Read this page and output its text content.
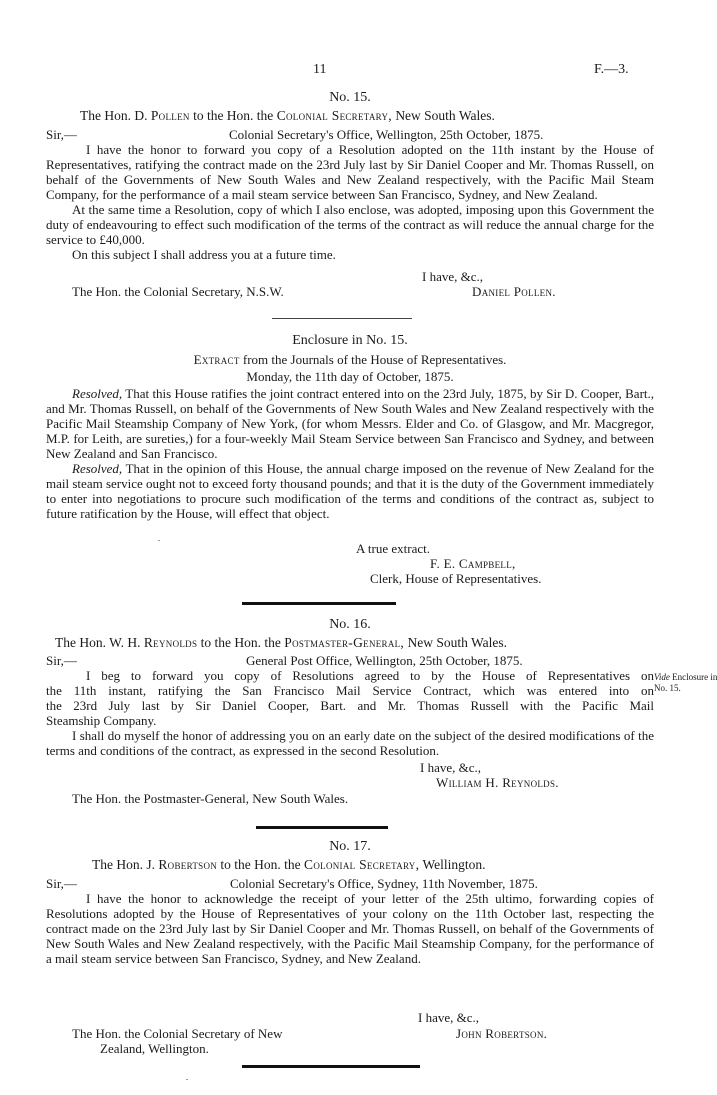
11	F.—3.
No. 15.
The Hon. D. Pollen to the Hon. the Colonial Secretary, New South Wales.
Sir,—	Colonial Secretary's Office, Wellington, 25th October, 1875.

I have the honor to forward you copy of a Resolution adopted on the 11th instant by the House of Representatives, ratifying the contract made on the 23rd July last by Sir Daniel Cooper and Mr. Thomas Russell, on behalf of the Governments of New South Wales and New Zealand respectively, with the Pacific Mail Steam Company, for the performance of a mail steam service between San Francisco, Sydney, and New Zealand.

At the same time a Resolution, copy of which I also enclose, was adopted, imposing upon this Government the duty of endeavouring to effect such modification of the terms of the contract as will reduce the annual charge for the service to £40,000.

On this subject I shall address you at a future time.

I have, &c.,
The Hon. the Colonial Secretary, N.S.W.	Daniel Pollen.
Enclosure in No. 15.
Extract from the Journals of the House of Representatives.
Monday, the 11th day of October, 1875.

Resolved, That this House ratifies the joint contract entered into on the 23rd July, 1875, by Sir D. Cooper, Bart., and Mr. Thomas Russell, on behalf of the Governments of New South Wales and New Zealand respectively with the Pacific Mail Steamship Company of New York, (for whom Messrs. Elder and Co. of Glasgow, and Mr. Macgregor, M.P. for Leith, are sureties,) for a four-weekly Mail Steam Service between San Francisco and Sydney, and between New Zealand and San Francisco.

Resolved, That in the opinion of this House, the annual charge imposed on the revenue of New Zealand for the mail steam service ought not to exceed forty thousand pounds; and that it is the duty of the Government immediately to enter into negotiations to procure such modification of the terms and conditions of the contract as, subject to future ratification by the House, will effect that object.

A true extract.
F. E. Campbell,
Clerk, House of Representatives.
No. 16.
The Hon. W. H. Reynolds to the Hon. the Postmaster-General, New South Wales.
Sir,—	General Post Office, Wellington, 25th October, 1875.
I beg to forward you copy of Resolutions agreed to by the House of Representatives on
the 11th instant, ratifying the San Francisco Mail Service Contract, which was entered into on
the 23rd July last by Sir Daniel Cooper, Bart. and Mr. Thomas Russell with the Pacific Mail
Steamship Company.

I shall do myself the honor of addressing you on an early date on the subject of the desired modifications of the terms and conditions of the contract, as expressed in the second Resolution.

Vide Enclosure in
No. 15.
I have, &c.,
William H. Reynolds.
The Hon. the Postmaster-General, New South Wales.
No. 17.
The Hon. J. Robertson to the Hon. the Colonial Secretary, Wellington.
Sir,—	Colonial Secretary's Office, Sydney, 11th November, 1875.

I have the honor to acknowledge the receipt of your letter of the 25th ultimo, forwarding copies of Resolutions adopted by the House of Representatives of your colony on the 11th October last, respecting the contract made on the 23rd July last by Sir Daniel Cooper and Mr. Thomas Russell, on behalf of the Governments of New South Wales and New Zealand respectively, with the Pacific Mail Steamship Company, for the performance of a mail steam service between San Francisco, Sydney, and New Zealand.

I have, &c.,
The Hon. the Colonial Secretary of New	John Robertson.
Zealand, Wellington.
